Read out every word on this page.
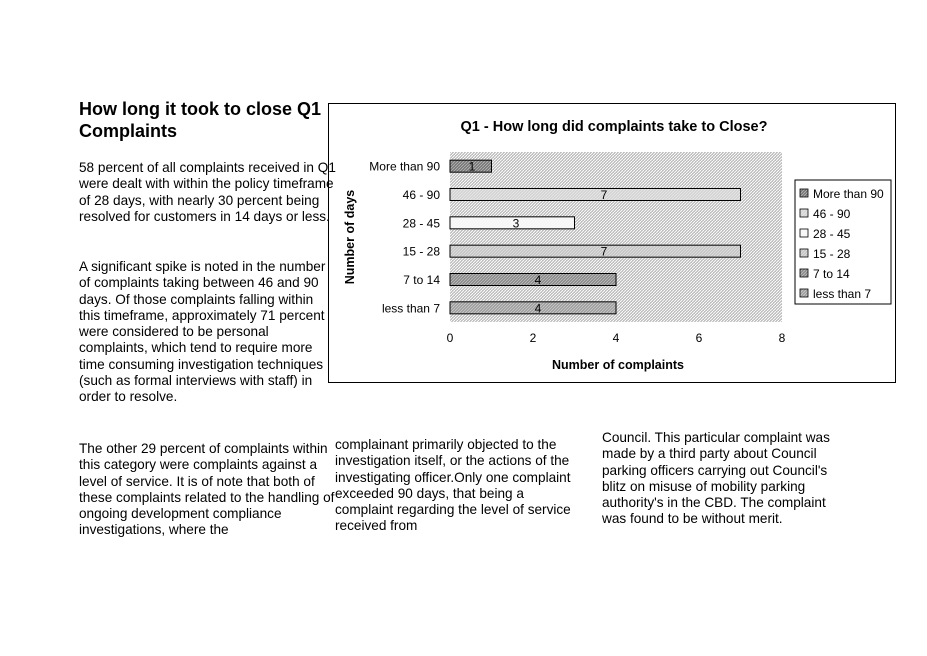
How long it took to close Q1 Complaints

58 percent of all complaints received in Q1 were dealt with within the policy timeframe of 28 days, with nearly 30 percent being resolved for customers in 14 days or less.

A significant spike is noted in the number of complaints taking between 46 and 90 days. Of those complaints falling within this timeframe, approximately 71 percent were considered to be personal complaints, which tend to require more time consuming investigation techniques (such as formal interviews with staff) in order to resolve.

The other 29 percent of complaints within this category were complaints against a level of service. It is of note that both of these complaints related to the handling of ongoing development compliance investigations, where the

complainant primarily objected to the investigation itself, or the actions of the investigating officer.Only one complaint exceeded 90 days, that being a complaint regarding the level of service received from

Council. This particular complaint was made by a third party about Council parking officers carrying out Council's blitz on misuse of mobility parking authority's in the CBD. The complaint was found to be without merit.

Q1 - How long did complaints take to Close?
Number of complaints
Number of days
1
7
3
7
4
4
More than 90
46 - 90
28 - 45
15 - 28
7 to 14
less than 7
0	2	4	6	8
More than 90
46 - 90
28 - 45
15 - 28
7 to 14
less than 7
